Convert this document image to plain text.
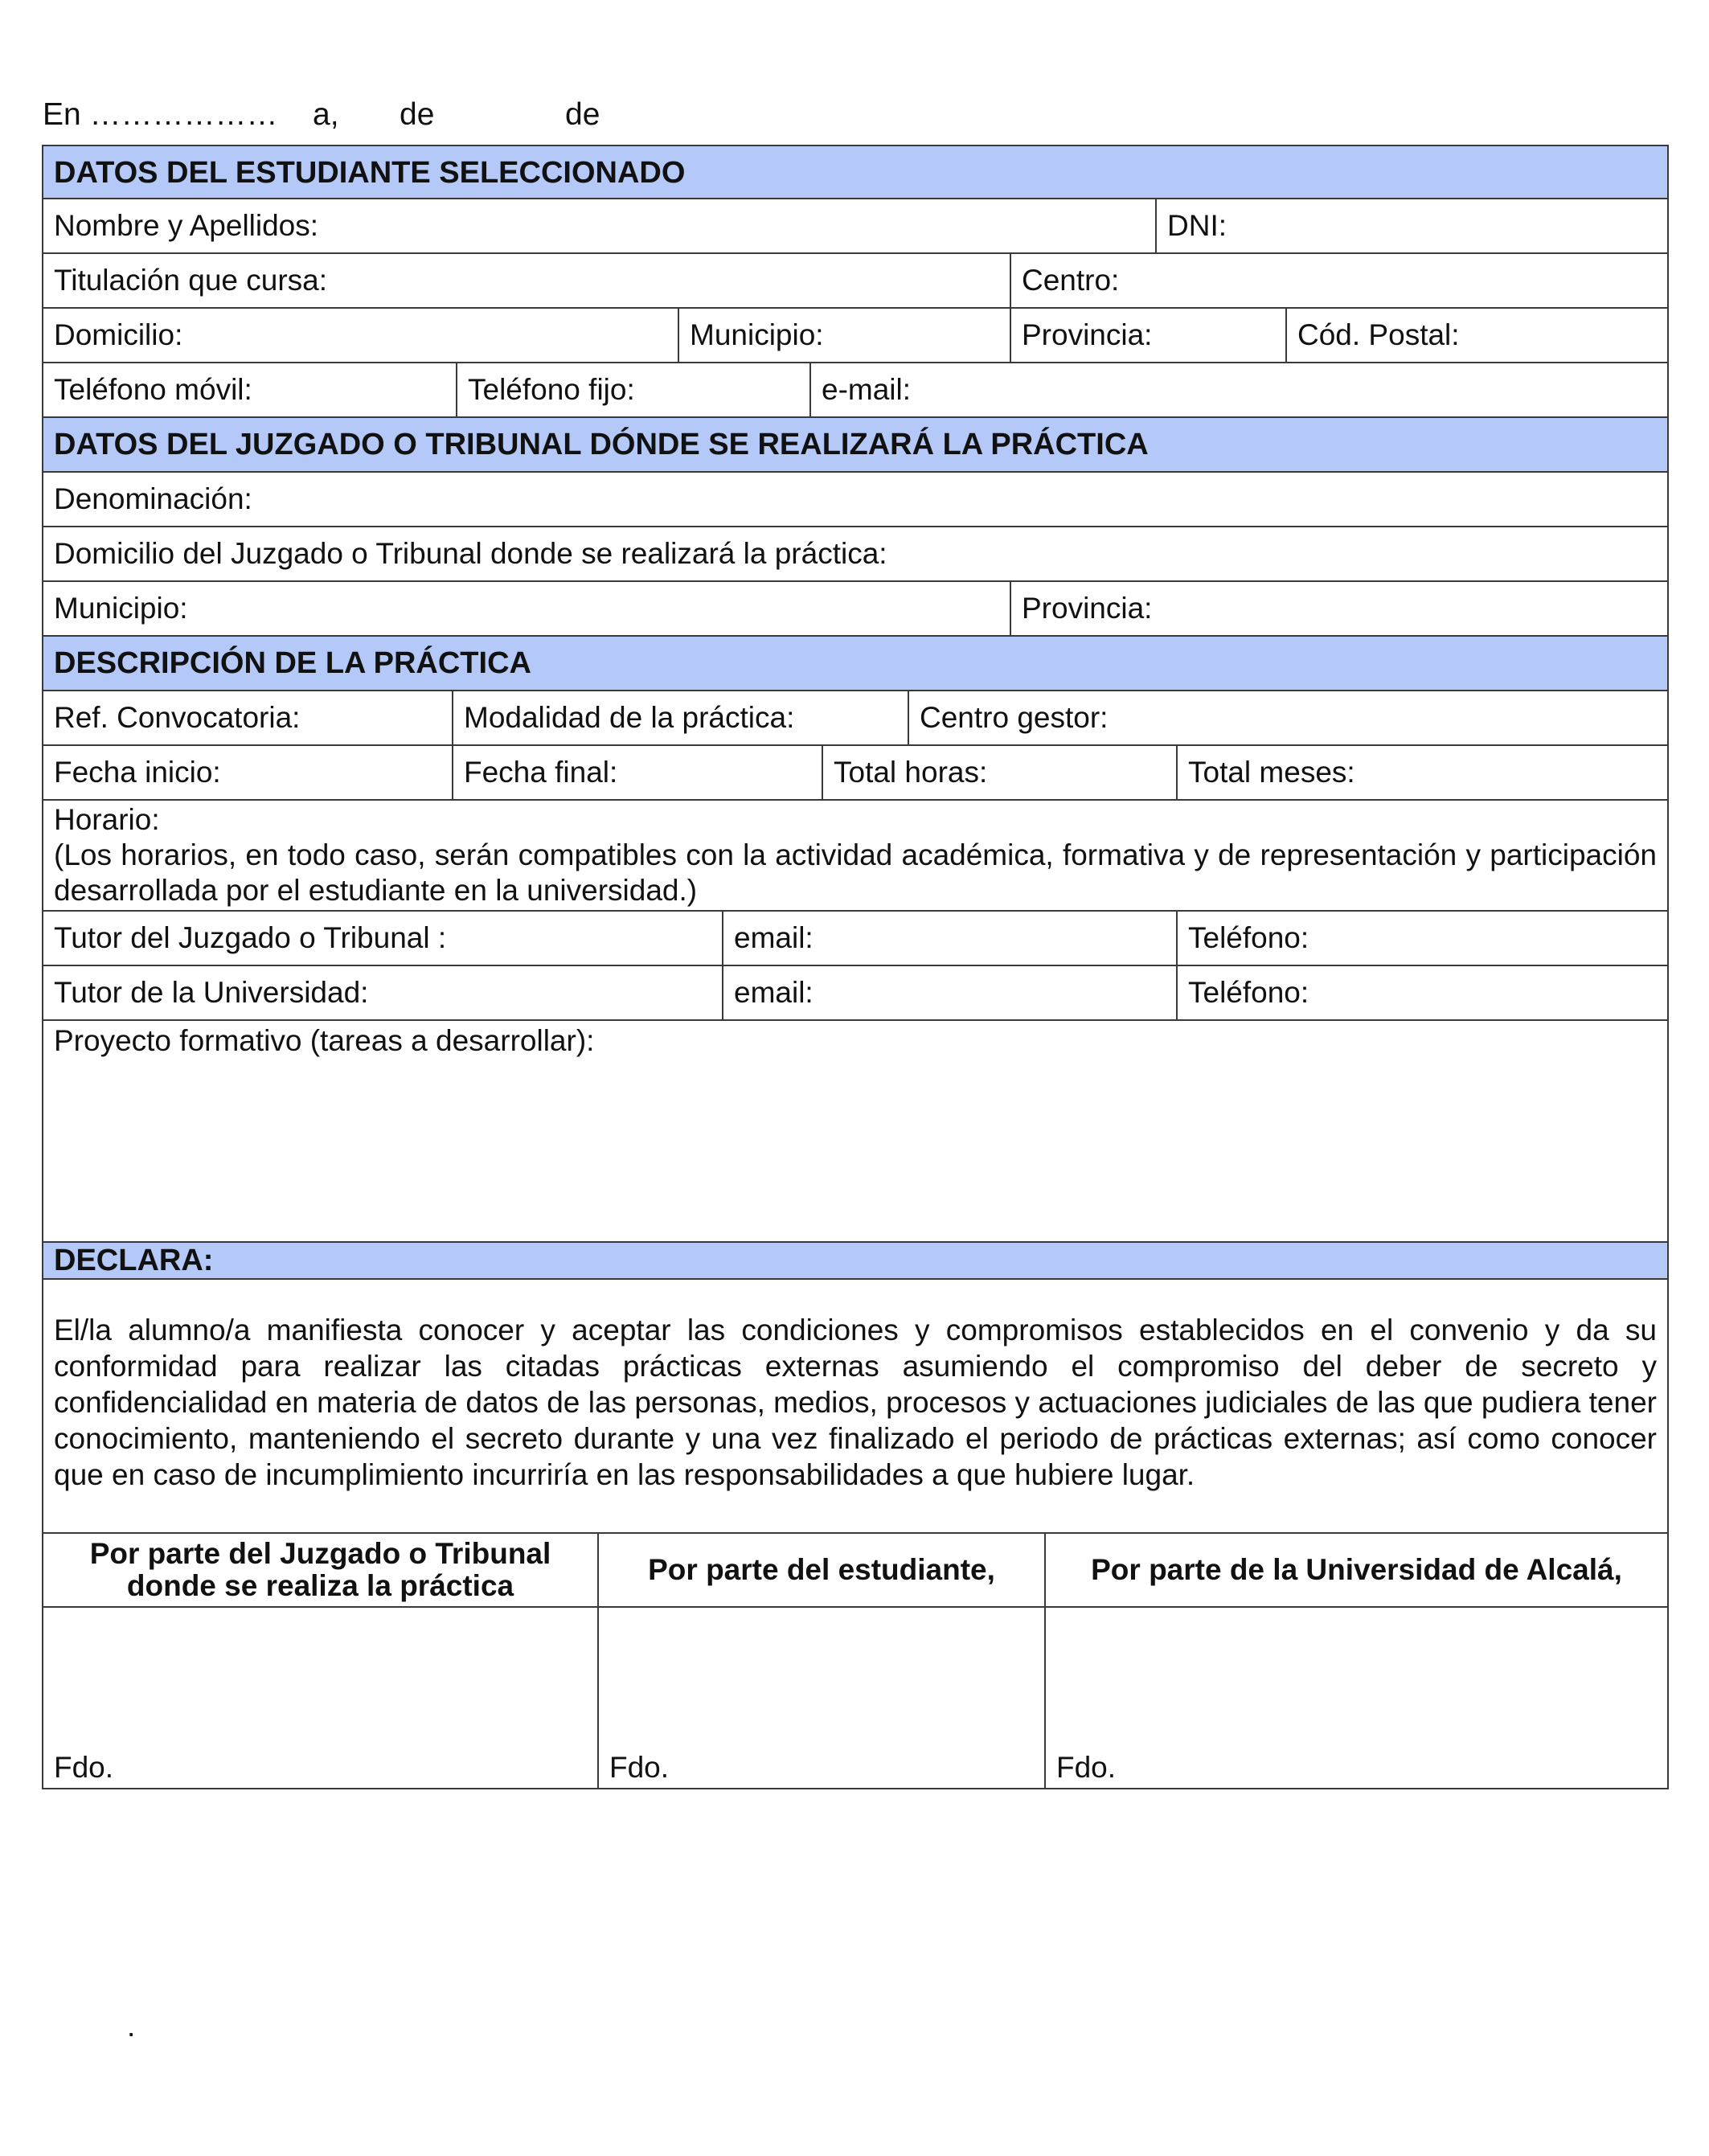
En ………………

a,

de

	de

DATOS DEL ESTUDIANTE SELECCIONADO
Nombre y Apellidos:	DNI:
Titulación que cursa:	Centro:
Domicilio:	Municipio:	Provincia:	Cód. Postal:
Teléfono móvil:	Teléfono fijo:	e-mail:
DATOS DEL JUZGADO O TRIBUNAL DÓNDE SE REALIZARÁ LA PRÁCTICA
Denominación:
Domicilio del Juzgado o Tribunal donde se realizará la práctica:
Municipio:	Provincia:
DESCRIPCIÓN DE LA PRÁCTICA
Ref. Convocatoria:	Modalidad de la práctica:	Centro gestor:
Fecha inicio:	Fecha final:	Total horas:	Total meses:
Horario:
(Los horarios, en todo caso, serán compatibles con la actividad académica, formativa y de representación y participación desarrollada por el estudiante en la universidad.)
Tutor del Juzgado o Tribunal :	email:	Teléfono:
Tutor de la Universidad:	email:	Teléfono:
Proyecto formativo (tareas a desarrollar):
DECLARA:
El/la alumno/a manifiesta conocer y aceptar las condiciones y compromisos establecidos en el convenio y da su conformidad para realizar las citadas prácticas externas asumiendo el compromiso del deber de secreto y confidencialidad en materia de datos de las personas, medios, procesos y actuaciones judiciales de las que pudiera tener conocimiento, manteniendo el secreto durante y una vez finalizado el periodo de prácticas externas; así como conocer que en caso de incumplimiento incurriría en las responsabilidades a que hubiere lugar.
Por parte del Juzgado o Tribunal donde se realiza la práctica	Por parte del estudiante,	Por parte de la Universidad de Alcalá,
Fdo.	Fdo.	Fdo.
.
